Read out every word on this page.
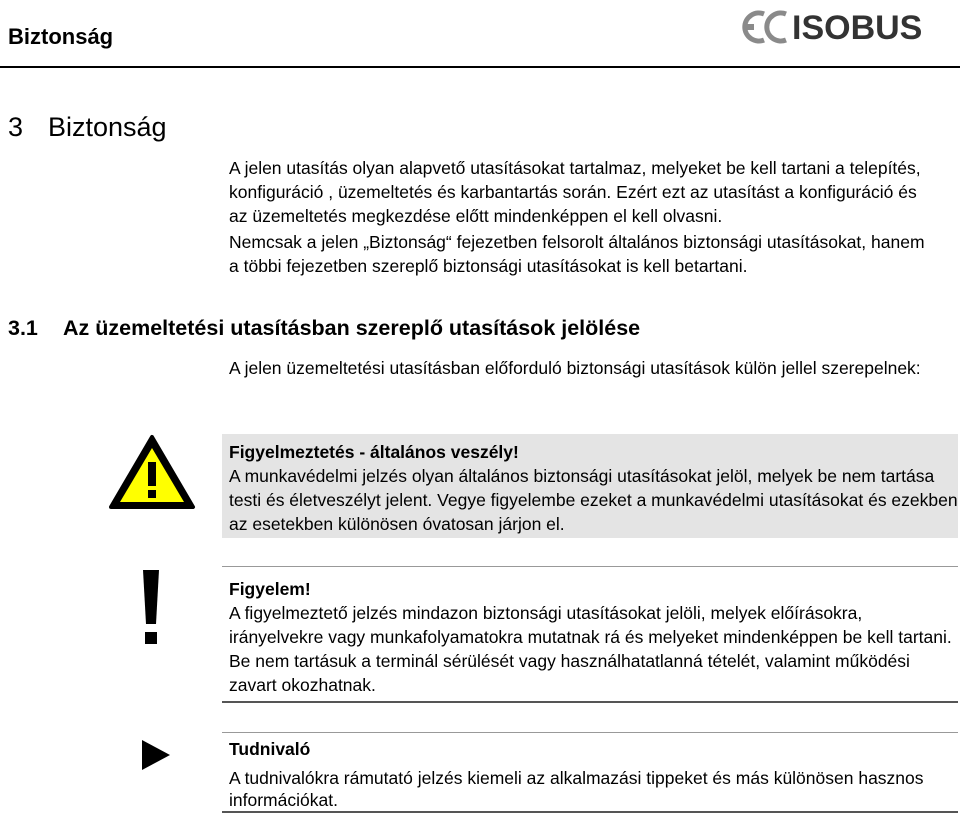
Biztonság	ISOBUS
3 Biztonság
A jelen utasítás olyan alapvető utasításokat tartalmaz, melyeket be kell tartani a telepítés, konfiguráció , üzemeltetés és karbantartás során. Ezért ezt az utasítást a konfiguráció és az üzemeltetés megkezdése előtt mindenképpen el kell olvasni.
Nemcsak a jelen „Biztonság“ fejezetben felsorolt általános biztonsági utasításokat, hanem a többi fejezetben szereplő biztonsági utasításokat is kell betartani.
3.1 Az üzemeltetési utasításban szereplő utasítások jelölése
A jelen üzemeltetési utasításban előforduló biztonsági utasítások külön jellel szerepelnek:
Figyelmeztetés - általános veszély!
A munkavédelmi jelzés olyan általános biztonsági utasításokat jelöl, melyek be nem tartása testi és életveszélyt jelent. Vegye figyelembe ezeket a munkavédelmi utasításokat és ezekben az esetekben különösen óvatosan járjon el.
Figyelem!
A figyelmeztető jelzés mindazon biztonsági utasításokat jelöli, melyek előírásokra, irányelvekre vagy munkafolyamatokra mutatnak rá és melyeket mindenképpen be kell tartani. Be nem tartásuk a terminál sérülését vagy használhatatlanná tételét, valamint működési zavart okozhatnak.
Tudnivaló
A tudnivalókra rámutató jelzés kiemeli az alkalmazási tippeket és más különösen hasznos információkat.
